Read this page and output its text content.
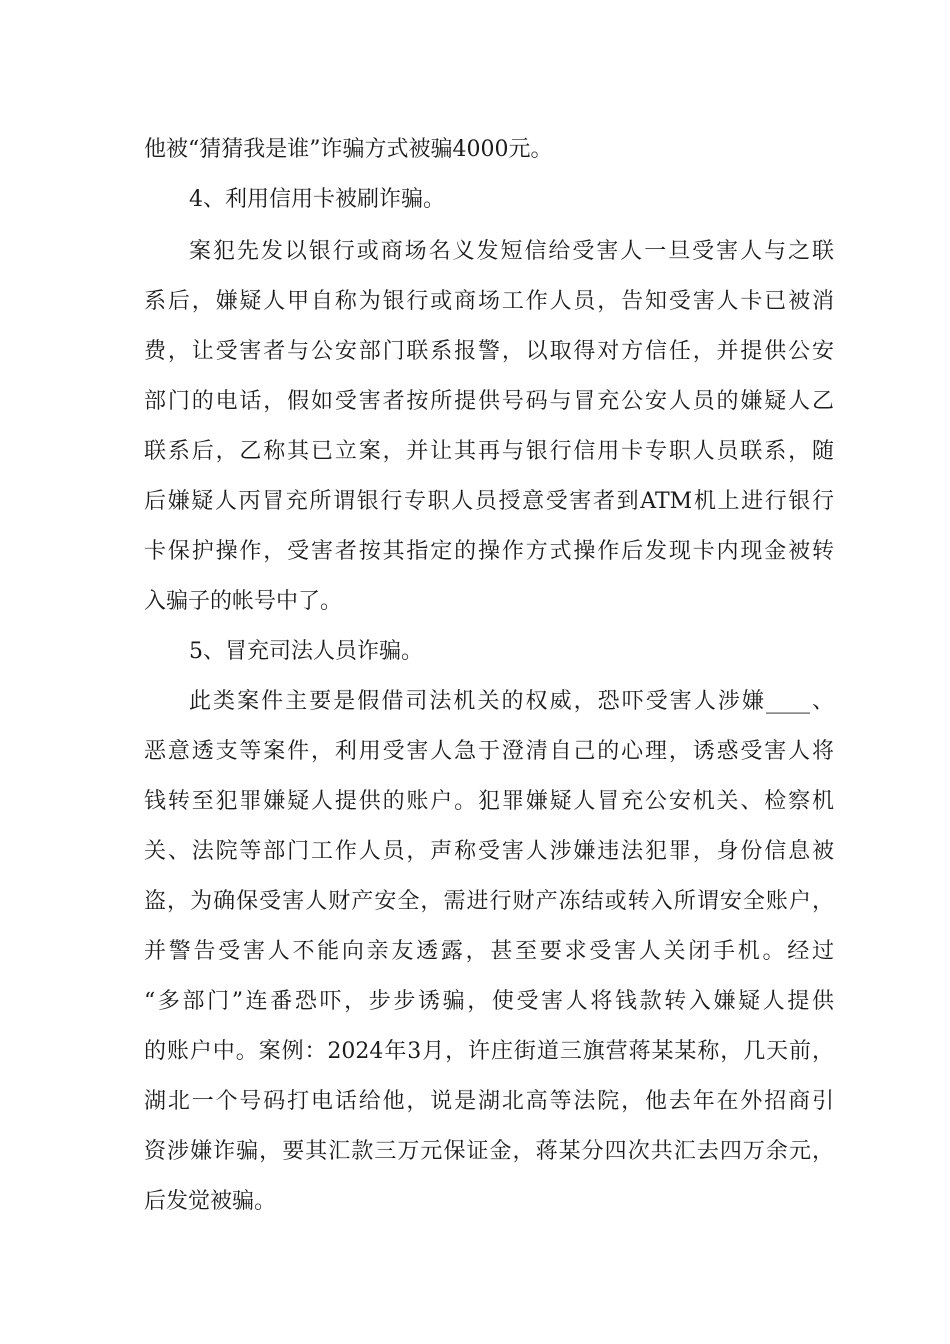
他被“猜猜我是谁”诈骗方式被骗4000元。
4、利用信用卡被刷诈骗。
案犯先发以银行或商场名义发短信给受害人一旦受害人与之联
系后，嫌疑人甲自称为银行或商场工作人员，告知受害人卡已被消
费，让受害者与公安部门联系报警，以取得对方信任，并提供公安
部门的电话，假如受害者按所提供号码与冒充公安人员的嫌疑人乙
联系后，乙称其已立案，并让其再与银行信用卡专职人员联系，随
后嫌疑人丙冒充所谓银行专职人员授意受害者到ATM机上进行银行
卡保护操作，受害者按其指定的操作方式操作后发现卡内现金被转
入骗子的帐号中了。
5、冒充司法人员诈骗。
此类案件主要是假借司法机关的权威，恐吓受害人涉嫌____、
恶意透支等案件，利用受害人急于澄清自己的心理，诱惑受害人将
钱转至犯罪嫌疑人提供的账户。犯罪嫌疑人冒充公安机关、检察机
关、法院等部门工作人员，声称受害人涉嫌违法犯罪，身份信息被
盗，为确保受害人财产安全，需进行财产冻结或转入所谓安全账户，
并警告受害人不能向亲友透露，甚至要求受害人关闭手机。经过
“多部门”连番恐吓，步步诱骗，使受害人将钱款转入嫌疑人提供
的账户中。案例：2024年3月，许庄街道三旗营蒋某某称，几天前，
湖北一个号码打电话给他，说是湖北高等法院，他去年在外招商引
资涉嫌诈骗，要其汇款三万元保证金，蒋某分四次共汇去四万余元，
后发觉被骗。
